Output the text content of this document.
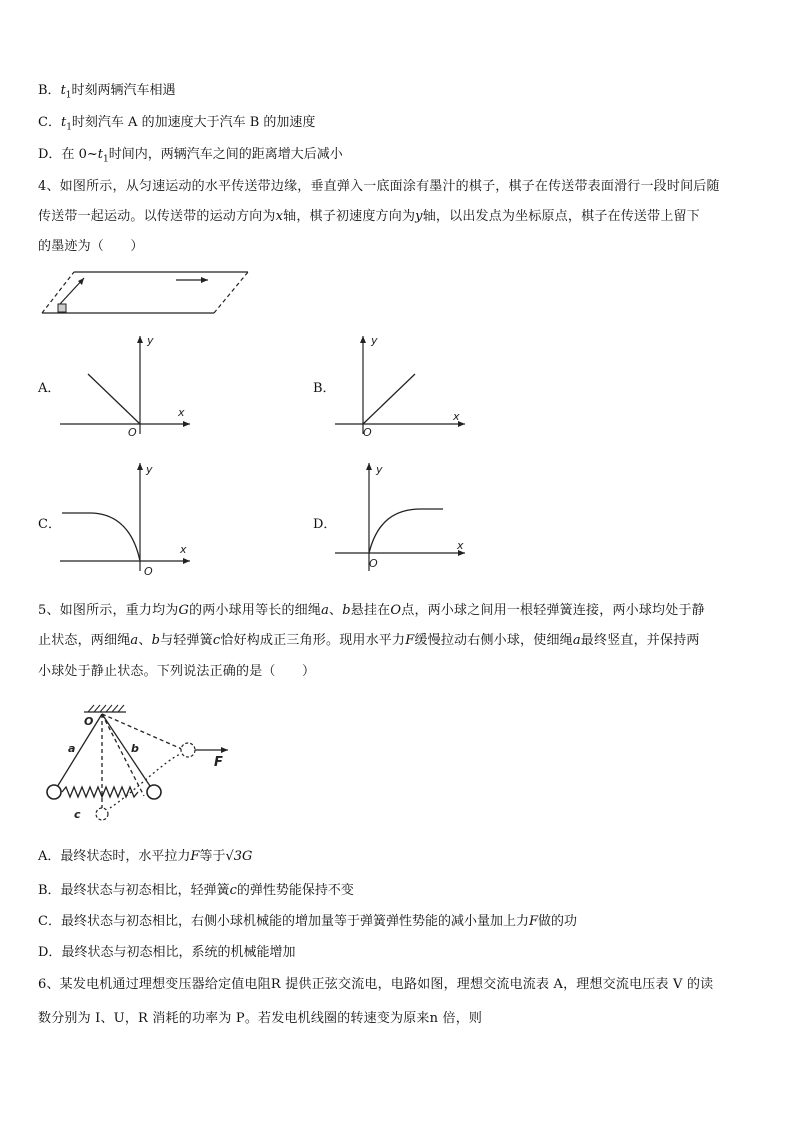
B．$t_1$时刻两辆汽车相遇
C．$t_1$时刻汽车 A 的加速度大于汽车 B 的加速度
D．在 $0\sim t_1$时间内，两辆汽车之间的距离增大后减小
4、如图所示，从匀速运动的水平传送带边缘，垂直弹入一底面涂有墨汁的棋子，棋子在传送带表面滑行一段时间后随
传送带一起运动。以传送带的运动方向为x轴，棋子初速度方向为y轴，以出发点为坐标原点，棋子在传送带上留下
的墨迹为（　　）
A．
x
y
O
B．
x
y
O
C．
x
y
O
D．
x
y
O
5、如图所示，重力均为G的两小球用等长的细绳a、b悬挂在O点，两小球之间用一根轻弹簧连接，两小球均处于静
止状态，两细绳a、b与轻弹簧c恰好构成正三角形。现用水平力F缓慢拉动右侧小球，使细绳a最终竖直，并保持两
小球处于静止状态。下列说法正确的是（　　）
O
a	b
c
F
A．最终状态时，水平拉力F等于√3G
B．最终状态与初态相比，轻弹簧c的弹性势能保持不变
C．最终状态与初态相比，右侧小球机械能的增加量等于弹簧弹性势能的减小量加上力F做的功
D．最终状态与初态相比，系统的机械能增加
6、某发电机通过理想变压器给定值电阻R 提供正弦交流电，电路如图，理想交流电流表 A，理想交流电压表 V 的读
数分别为 I、U，R 消耗的功率为 P。若发电机线圈的转速变为原来n 倍，则
